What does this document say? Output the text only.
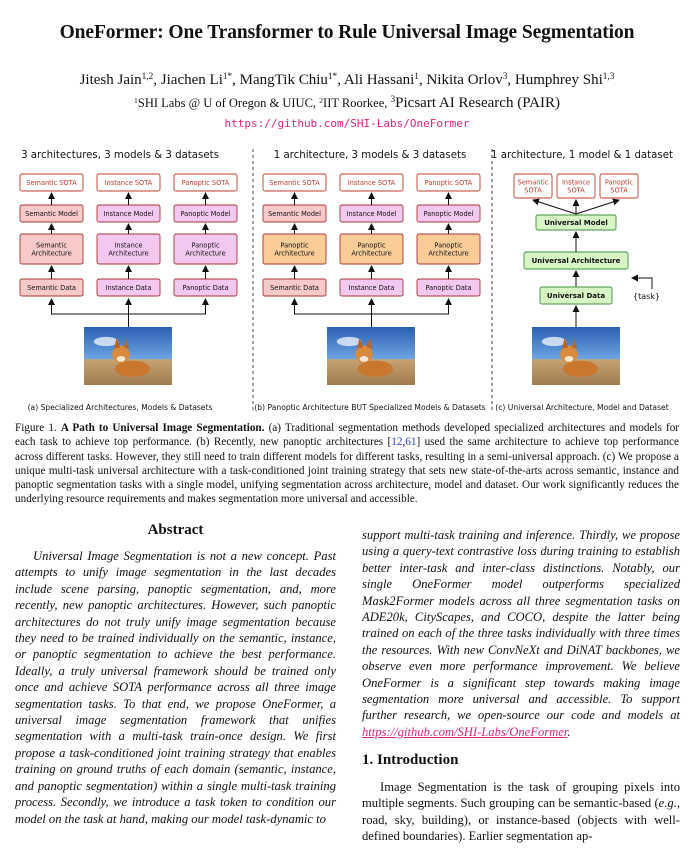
OneFormer: One Transformer to Rule Universal Image Segmentation
Jitesh Jain$^{1,2}$, Jiachen $Li^{1*}$, MangTik Chiu$^{1*}$, Ali Hassani$^1$, Nikita Orlov$^3$, Humphrey Shi$^{1,3}$
$^1$SHI Labs @ U of Oregon & UIUC, $^2$IIT Roorkee, $^3$Picsart AI Research (PAIR)
https://github.com/SHI-Labs/OneFormer
3 architectures, 3 models & 3 datasets	1 architecture, 3 models & 3 datasets 1 architecture, 1 model & 1 dataset
Semantic SOTA
Semantic Model
Semantic
Architecture
Semantic Data
Instance SOTA
Instance Model
Instance
Architecture
Instance Data
Panoptic SOTA
Panoptic Model
Panoptic
Architecture
Panoptic Data
Semantic SOTA
Semantic Model
Panoptic
Architecture
Semantic Data
Instance SOTA
Instance Model
Panoptic
Architecture
Instance Data
Panoptic SOTA
Panoptic Model
Panoptic
Architecture
Panoptic Data
(a) Specialized Architectures, Models & Datasets	(b) Panoptic Architecture BUT Specialized Models & Datasets (c) Universal Architecture, Model and Dataset
Semantic
SOTA
Instance
SOTA
Panoptic
SOTA
Universal Model
Universal Architecture
Universal Data	{task}
Figure 1. A Path to Universal Image Segmentation. (a) Traditional segmentation methods developed specialized architectures and models for each task to achieve top performance. (b) Recently, new panoptic architectures [12,61] used the same architecture to achieve top performance across different tasks. However, they still need to train different models for different tasks, resulting in a semi-universal approach. (c) We propose a unique multi-task universal architecture with a task-conditioned joint training strategy that sets new state-of-the-arts across semantic, instance and panoptic segmentation tasks with a single model, unifying segmentation across architecture, model and dataset. Our work significantly reduces the underlying resource requirements and makes segmentation more universal and accessible.
Abstract
Universal Image Segmentation is not a new concept. Past attempts to unify image segmentation in the last decades include scene parsing, panoptic segmentation, and, more recently, new panoptic architectures. However, such panoptic architectures do not truly unify image segmentation because they need to be trained individually on the semantic, instance, or panoptic segmentation to achieve the best performance. Ideally, a truly universal framework should be trained only once and achieve SOTA performance across all three image segmentation tasks. To that end, we propose OneFormer, a universal image segmentation framework that unifies segmentation with a multi-task train-once design. We first propose a task-conditioned joint training strategy that enables training on ground truths of each domain (semantic, instance, and panoptic segmentation) within a single multi-task training process. Secondly, we introduce a task token to condition our model on the task at hand, making our model task-dynamic to
support multi-task training and inference. Thirdly, we propose using a query-text contrastive loss during training to establish better inter-task and inter-class distinctions. Notably, our single OneFormer model outperforms specialized Mask2Former models across all three segmentation tasks on ADE20k, CityScapes, and COCO, despite the latter being trained on each of the three tasks individually with three times the resources. With new ConvNeXt and DiNAT backbones, we observe even more performance improvement. We believe OneFormer is a significant step towards making image segmentation more universal and accessible. To support further research, we open-source our code and models at https://github.com/SHI-Labs/OneFormer.
1. Introduction
Image Segmentation is the task of grouping pixels into multiple segments. Such grouping can be semantic-based (e.g., road, sky, building), or instance-based (objects with well-defined boundaries). Earlier segmentation ap-
